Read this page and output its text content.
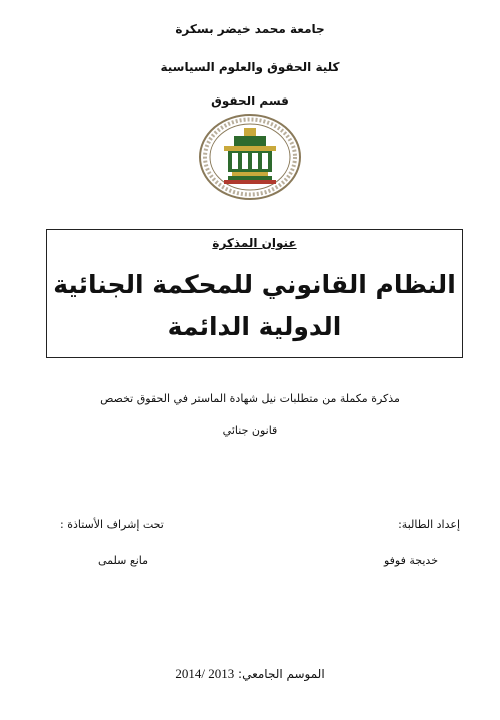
جامعة محمد خيضر بسكرة
كلية الحقوق والعلوم السياسية
قسم الحقوق
عنوان المذكرة
النظام القانوني للمحكمة الجنائية
الدولية الدائمة
مذكرة مكملة من متطلبات نيل شهادة الماستر في الحقوق تخصص
قانون جنائي
إعداد الطالبة:
تحت إشراف الأستاذة :
خديجة فوفو
مانع سلمى
الموسم الجامعي: 2013 /2014
